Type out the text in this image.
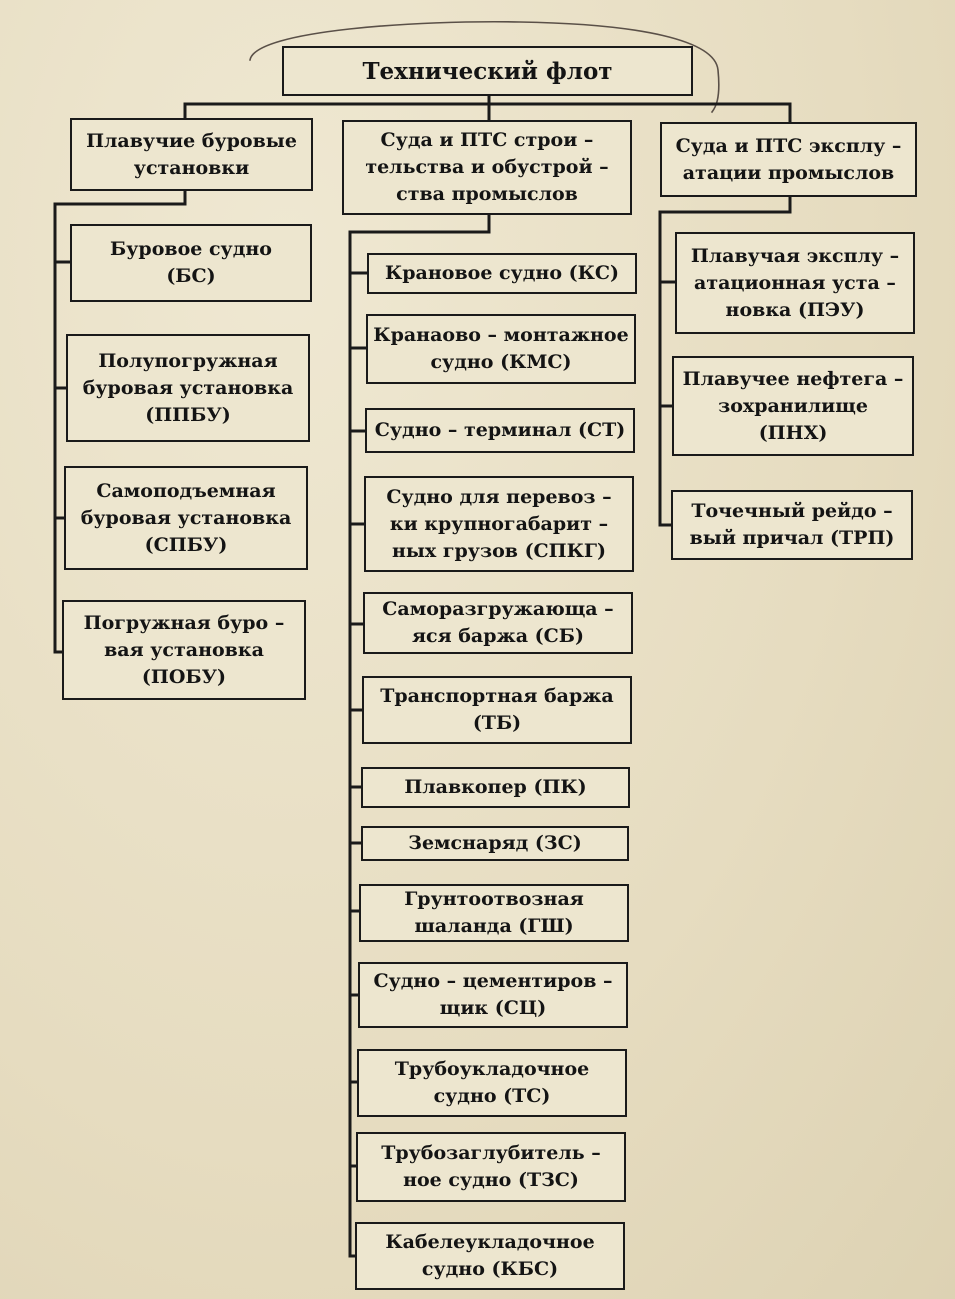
Технический флот
Плавучие буровые
установки
Суда и ПТС строи –
тельства и обустрой –
ства промыслов
Суда и ПТС эксплу –
атации промыслов
Буровое судно
(БС)
Полупогружная
буровая установка
(ППБУ)
Самоподъемная
буровая установка
(СПБУ)
Погружная буро –
вая установка
(ПОБУ)
Крановое судно (КС)
Кранаово – монтажное
судно (КМС)
Судно – терминал (СТ)
Судно для перевоз –
ки крупногабарит –
ных грузов (СПКГ)
Саморазгружающа –
яся баржа (СБ)
Транспортная баржа
(ТБ)
Плавкопер (ПК)
Земснаряд (ЗС)
Грунтоотвозная
шаланда (ГШ)
Судно – цементиров –
щик (СЦ)
Трубоукладочное
судно (ТС)
Трубозаглубитель –
ное судно (ТЗС)
Кабелеукладочное
судно (КБС)
Плавучая эксплу –
атационная уста –
новка (ПЭУ)
Плавучее нефтега –
зохранилище
(ПНХ)
Точечный рейдо –
вый причал (ТРП)
